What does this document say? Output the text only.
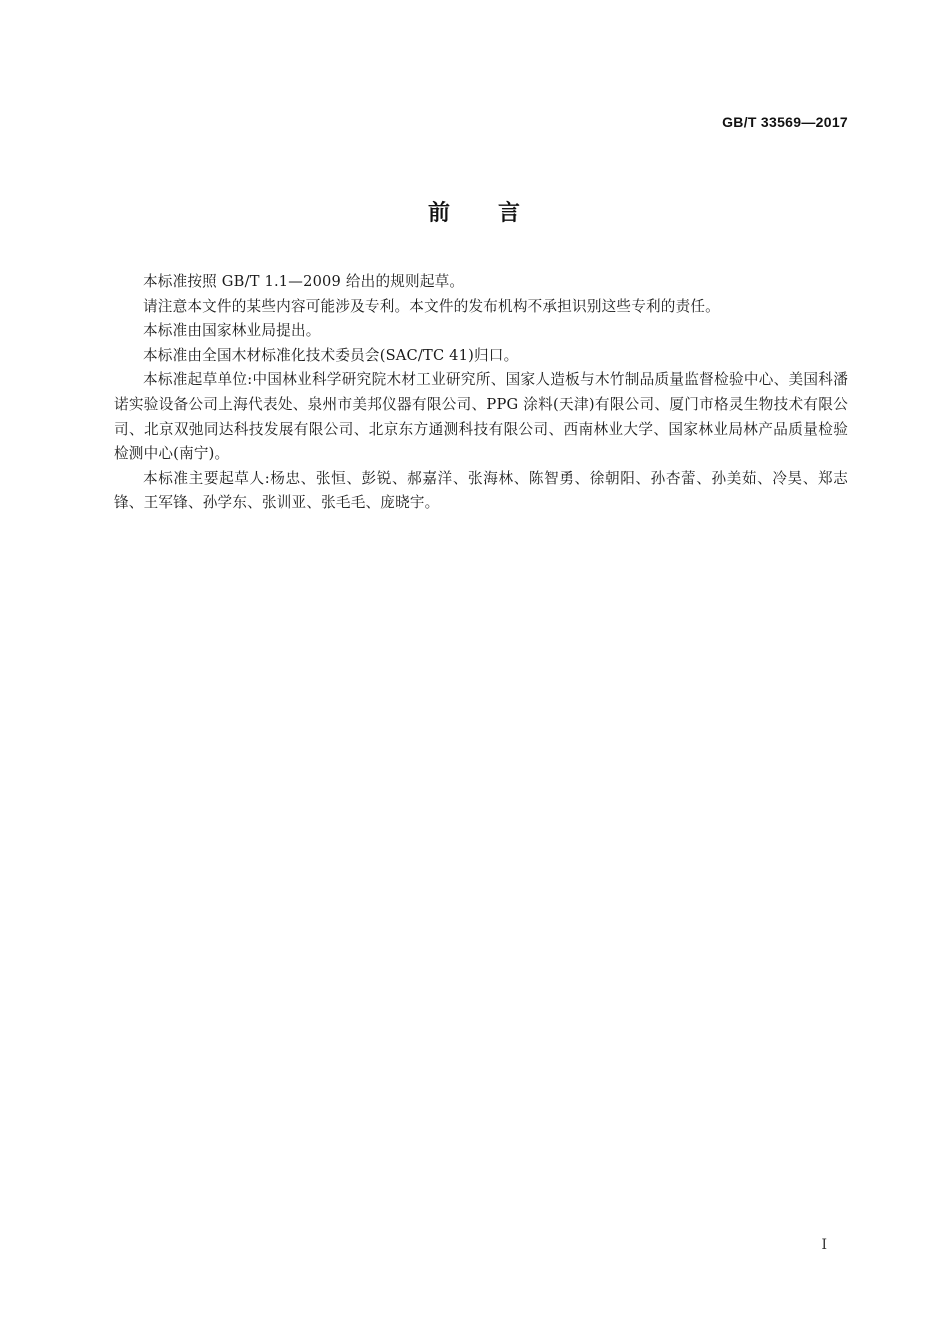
GB/T 33569—2017
前 言

本标准按照 GB/T 1.1—2009 给出的规则起草。

请注意本文件的某些内容可能涉及专利。本文件的发布机构不承担识别这些专利的责任。

本标准由国家林业局提出。

本标准由全国木材标准化技术委员会(SAC/TC 41)归口。

本标准起草单位:中国林业科学研究院木材工业研究所、国家人造板与木竹制品质量监督检验中心、美国科潘诺实验设备公司上海代表处、泉州市美邦仪器有限公司、PPG 涂料(天津)有限公司、厦门市格灵生物技术有限公司、北京双弛同达科技发展有限公司、北京东方通测科技有限公司、西南林业大学、国家林业局林产品质量检验检测中心(南宁)。

本标准主要起草人:杨忠、张恒、彭锐、郝嘉洋、张海林、陈智勇、徐朝阳、孙杏蕾、孙美茹、冷昊、郑志锋、王军锋、孙学东、张训亚、张毛毛、庞晓宇。

I
